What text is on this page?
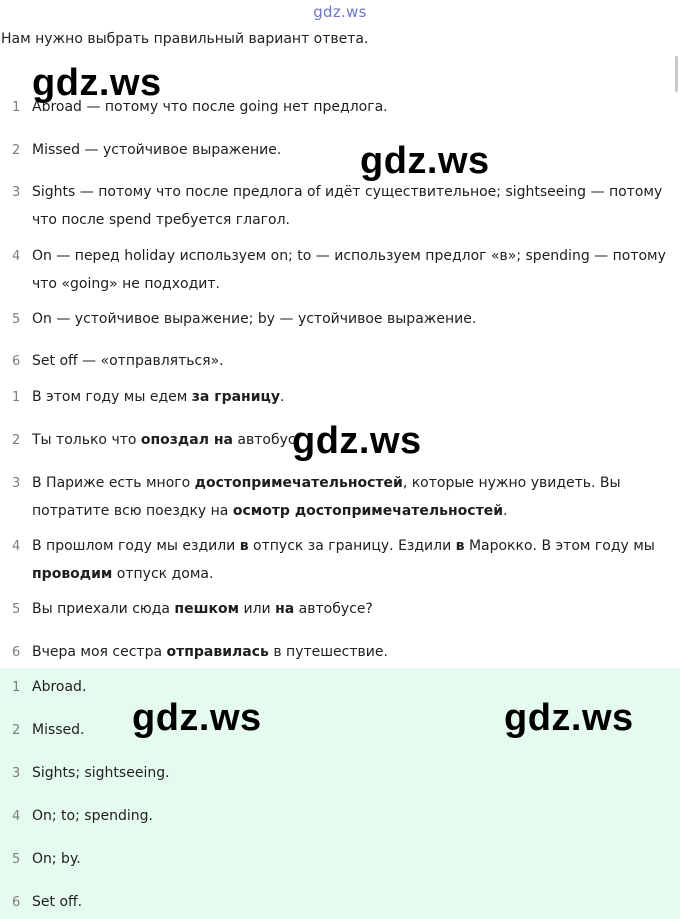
gdz.ws
Нам нужно выбрать правильный вариант ответа.
1 Abroad — потому что после going нет предлога.
2 Missed — устойчивое выражение.
3 Sights — потому что после предлога of идёт существительное; sightseeing — потому что после spend требуется глагол.
4 On — перед holiday используем on; to — используем предлог «в»; spending — потому что «going» не подходит.
5 On — устойчивое выражение; by — устойчивое выражение.
6 Set off — «отправляться».
1 В этом году мы едем за границу.
2 Ты только что опоздал на автобус.
3 В Париже есть много достопримечательностей, которые нужно увидеть. Вы потратите всю поездку на осмотр достопримечательностей.
4 В прошлом году мы ездили в отпуск за границу. Ездили в Марокко. В этом году мы проводим отпуск дома.
5 Вы приехали сюда пешком или на автобусе?
6 Вчера моя сестра отправилась в путешествие.
1 Abroad.
2 Missed.
3 Sights; sightseeing.
4 On; to; spending.
5 On; by.
6 Set off.
gdz.ws
gdz.ws
gdz.ws
gdz.ws	gdz.ws
